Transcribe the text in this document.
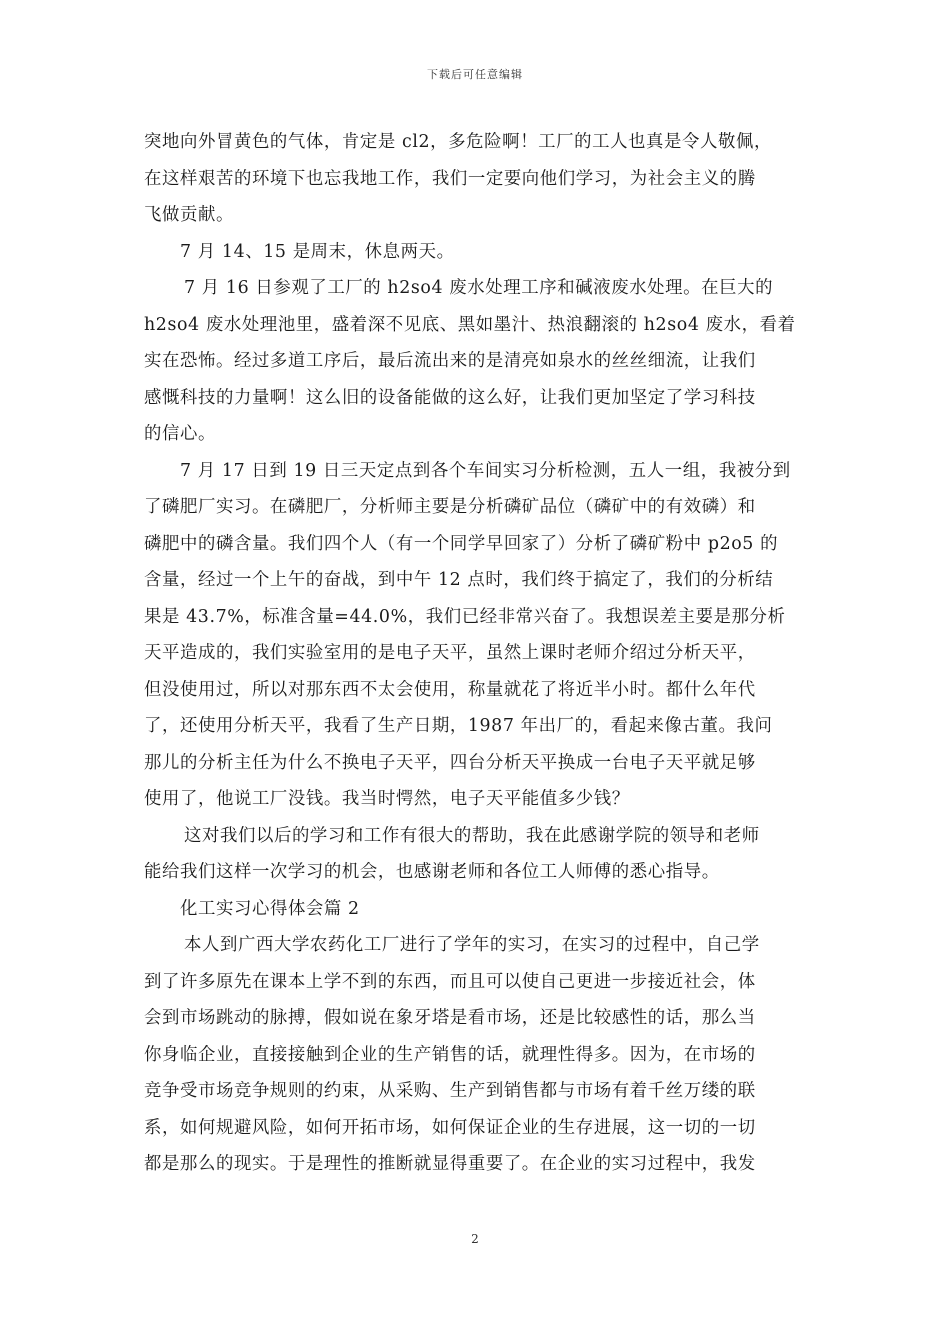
下载后可任意编辑
突地向外冒黄色的气体，肯定是 cl2，多危险啊！工厂的工人也真是令人敬佩，
在这样艰苦的环境下也忘我地工作，我们一定要向他们学习，为社会主义的腾
飞做贡献。
7 月 14、15 是周末，休息两天。
7 月 16 日参观了工厂的 h2so4 废水处理工序和碱液废水处理。在巨大的
h2so4 废水处理池里，盛着深不见底、黑如墨汁、热浪翻滚的 h2so4 废水，看着
实在恐怖。经过多道工序后，最后流出来的是清亮如泉水的丝丝细流，让我们
感慨科技的力量啊！这么旧的设备能做的这么好，让我们更加坚定了学习科技
的信心。
7 月 17 日到 19 日三天定点到各个车间实习分析检测，五人一组，我被分到
了磷肥厂实习。在磷肥厂，分析师主要是分析磷矿品位（磷矿中的有效磷）和
磷肥中的磷含量。我们四个人（有一个同学早回家了）分析了磷矿粉中 p2o5 的
含量，经过一个上午的奋战，到中午 12 点时，我们终于搞定了，我们的分析结
果是 43.7%，标准含量=44.0%，我们已经非常兴奋了。我想误差主要是那分析
天平造成的，我们实验室用的是电子天平，虽然上课时老师介绍过分析天平，
但没使用过，所以对那东西不太会使用，称量就花了将近半小时。都什么年代
了，还使用分析天平，我看了生产日期，1987 年出厂的，看起来像古董。我问
那儿的分析主任为什么不换电子天平，四台分析天平换成一台电子天平就足够
使用了，他说工厂没钱。我当时愕然，电子天平能值多少钱？
这对我们以后的学习和工作有很大的帮助，我在此感谢学院的领导和老师
能给我们这样一次学习的机会，也感谢老师和各位工人师傅的悉心指导。
化工实习心得体会篇 2
本人到广西大学农药化工厂进行了学年的实习，在实习的过程中，自己学
到了许多原先在课本上学不到的东西，而且可以使自己更进一步接近社会，体
会到市场跳动的脉搏，假如说在象牙塔是看市场，还是比较感性的话，那么当
你身临企业，直接接触到企业的生产销售的话，就理性得多。因为，在市场的
竞争受市场竞争规则的约束，从采购、生产到销售都与市场有着千丝万缕的联
系，如何规避风险，如何开拓市场，如何保证企业的生存进展，这一切的一切
都是那么的现实。于是理性的推断就显得重要了。在企业的实习过程中，我发
2
